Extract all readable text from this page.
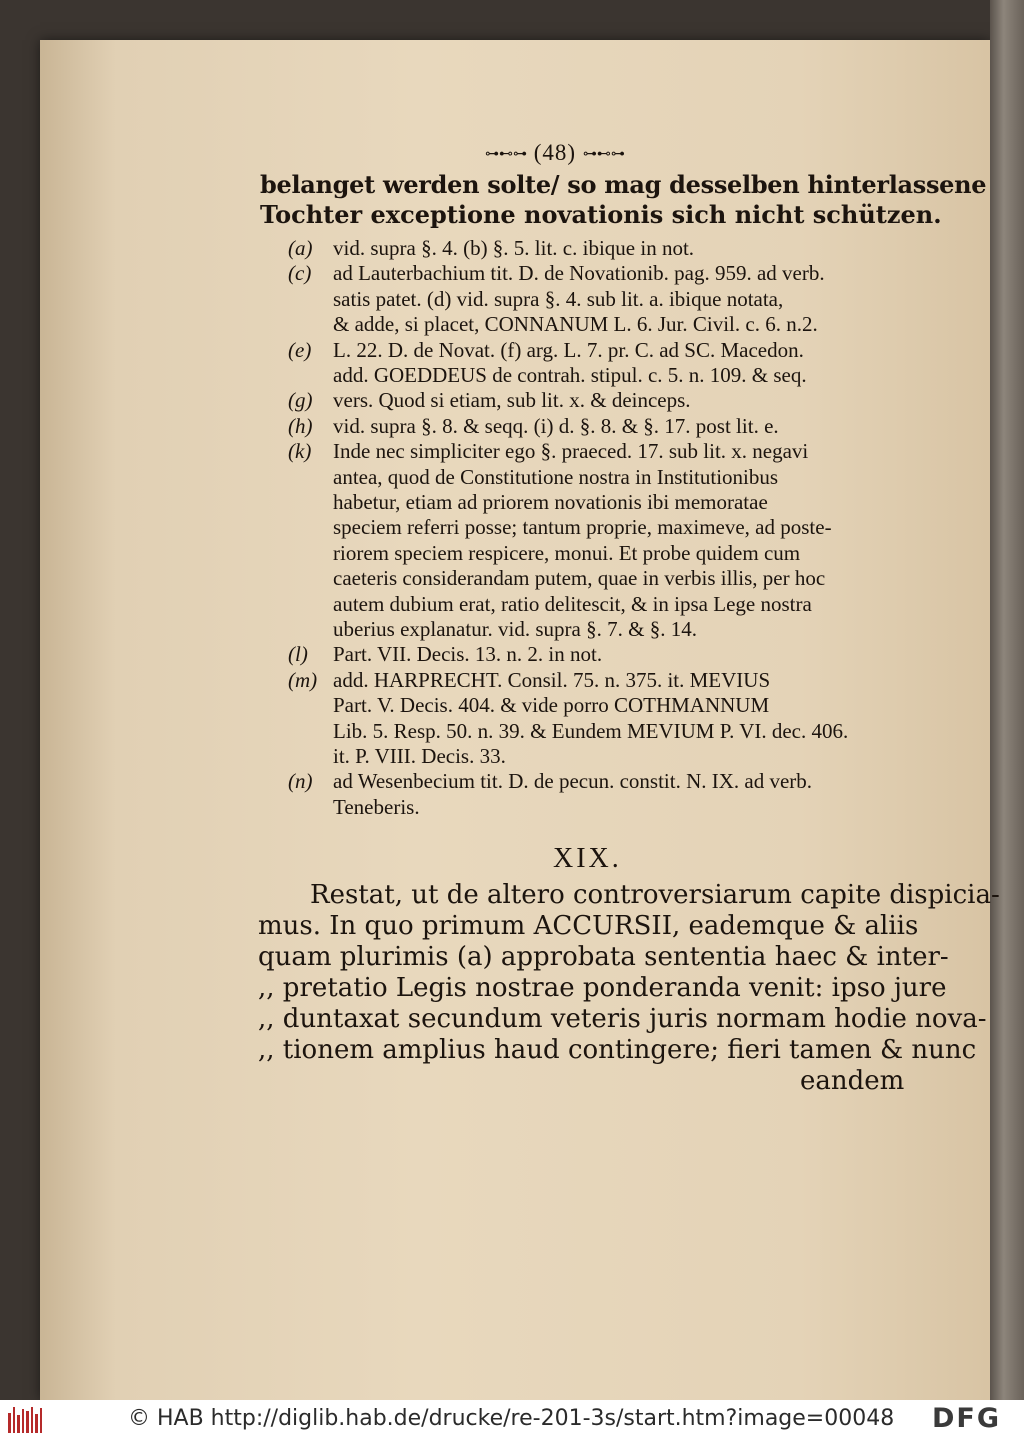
⊶⊷⊶ (48) ⊶⊷⊶
belanget werden solte/ so mag desselben hinterlassene
Tochter exceptione novationis sich nicht schützen.
(a) vid. supra §. 4. (b) §. 5. lit. c. ibique in not.
(c) ad Lauterbachium tit. D. de Novationib. pag. 959. ad verb.
satis patet. (d) vid. supra §. 4. sub lit. a. ibique notata,
& adde, si placet, CONNANUM L. 6. Jur. Civil. c. 6. n.2.
(e) L. 22. D. de Novat. (f) arg. L. 7. pr. C. ad SC. Macedon.
add. GOEDDEUS de contrah. stipul. c. 5. n. 109. & seq.
(g) vers. Quod si etiam, sub lit. x. & deinceps.
(h) vid. supra §. 8. & seqq. (i) d. §. 8. & §. 17. post lit. e.
(k) Inde nec simpliciter ego §. praeced. 17. sub lit. x. negavi
antea, quod de Constitutione nostra in Institutionibus
habetur, etiam ad priorem novationis ibi memoratae
speciem referri posse; tantum proprie, maximeve, ad poste-
riorem speciem respicere, monui. Et probe quidem cum
caeteris considerandam putem, quae in verbis illis, per hoc
autem dubium erat, ratio delitescit, & in ipsa Lege nostra
uberius explanatur. vid. supra §. 7. & §. 14.
(l) Part. VII. Decis. 13. n. 2. in not.
(m) add. HARPRECHT. Consil. 75. n. 375. it. MEVIUS
Part. V. Decis. 404. & vide porro COTHMANNUM
Lib. 5. Resp. 50. n. 39. & Eundem MEVIUM P. VI. dec. 406.
it. P. VIII. Decis. 33.
(n) ad Wesenbecium tit. D. de pecun. constit. N. IX. ad verb.
Teneberis.
XIX.
Restat, ut de altero controversiarum capite dispicia-
mus. In quo primum ACCURSII, eademque & aliis
quam plurimis (a) approbata sententia haec & inter-
,, pretatio Legis nostrae ponderanda venit: ipso jure
,, duntaxat secundum veteris juris normam hodie nova-
,, tionem amplius haud contingere; fieri tamen & nunc
eandem
© HAB http://diglib.hab.de/drucke/re-201-3s/start.htm?image=00048 DFG
